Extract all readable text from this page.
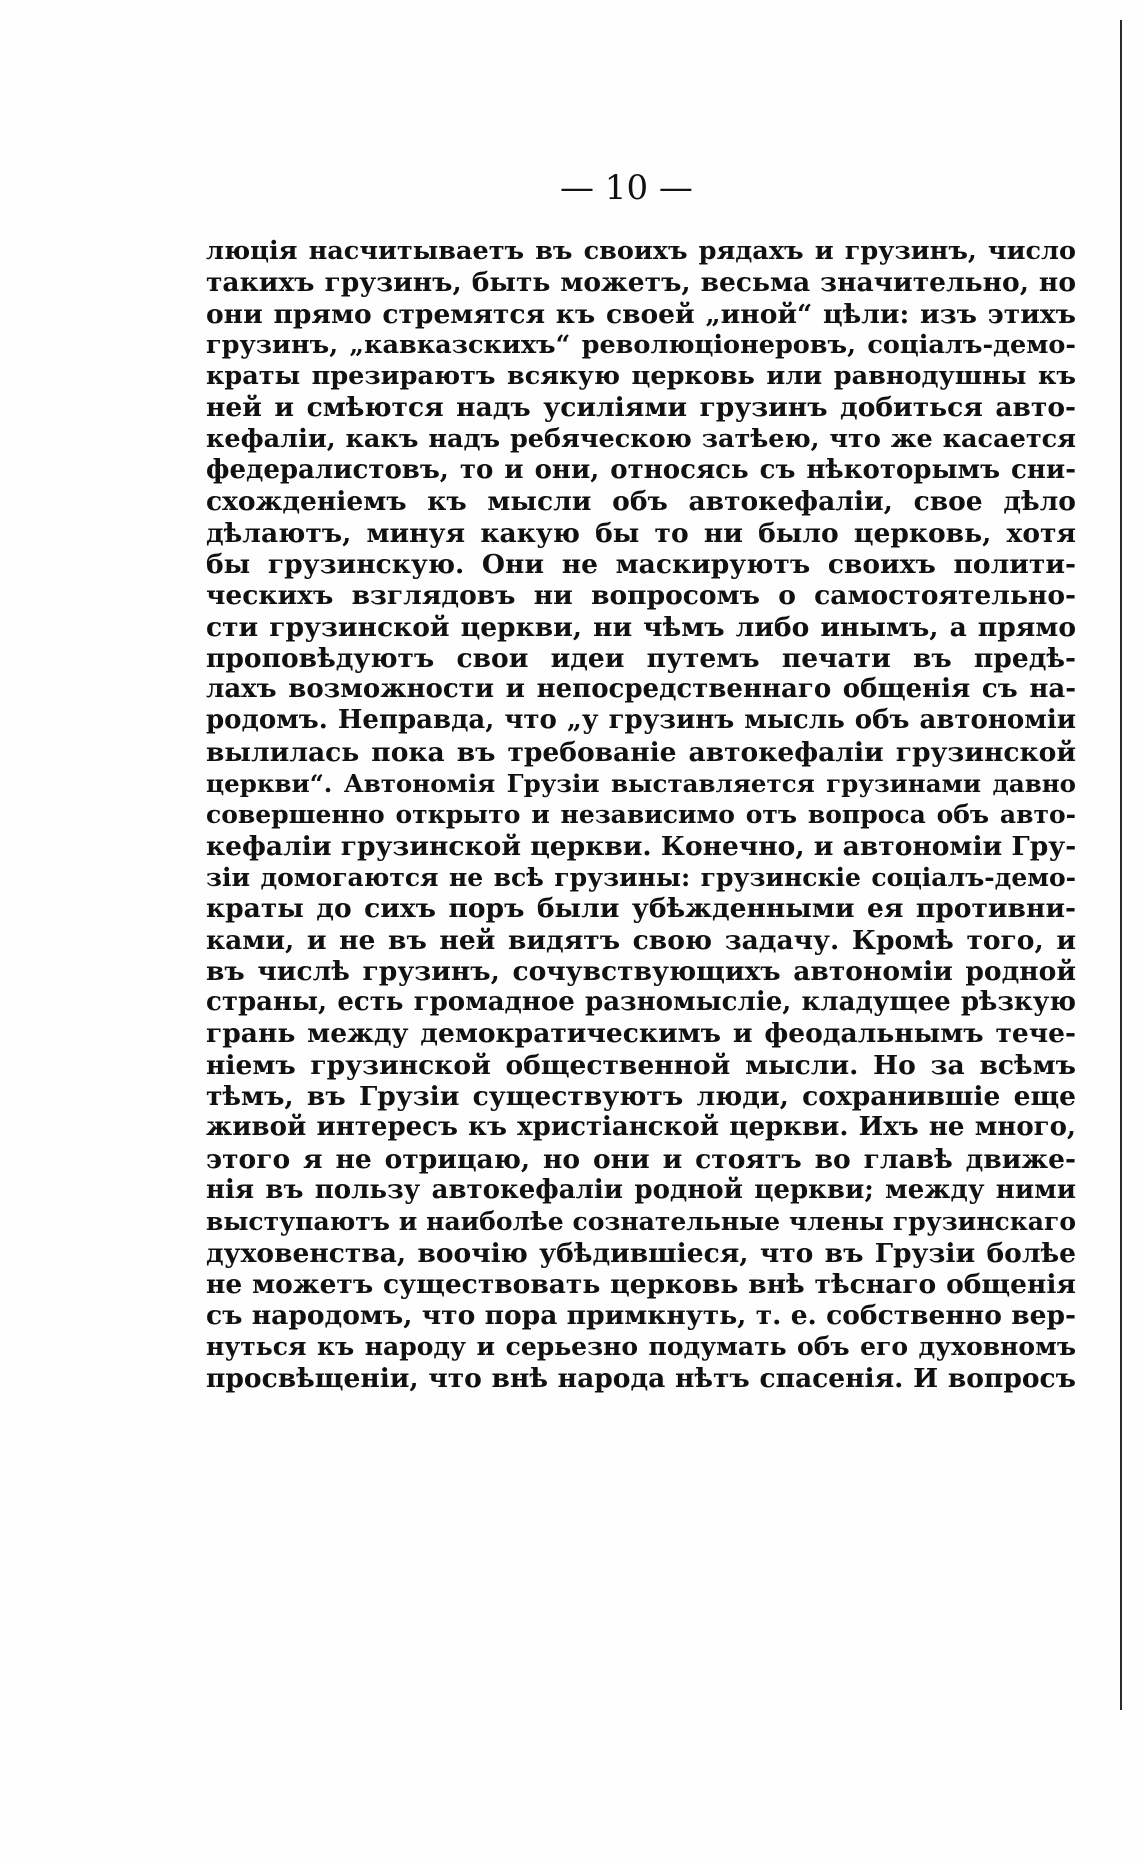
— 10 —
люція насчитываетъ въ своихъ рядахъ и грузинъ, число
такихъ грузинъ, быть можетъ, весьма значительно, но
они прямо стремятся къ своей „иной“ цѣли: изъ этихъ
грузинъ, „кавказскихъ“ революціонеровъ, соціалъ-демо-
краты презираютъ всякую церковь или равнодушны къ
ней и смѣются надъ усиліями грузинъ добиться авто-
кефаліи, какъ надъ ребяческою затѣею, что же касается
федералистовъ, то и они, относясь съ нѣкоторымъ сни-
схожденіемъ къ мысли объ автокефаліи, свое дѣло
дѣлаютъ, минуя какую бы то ни было церковь, хотя
бы грузинскую. Они не маскируютъ своихъ полити-
ческихъ взглядовъ ни вопросомъ о самостоятельно-
сти грузинской церкви, ни чѣмъ либо инымъ, а прямо
проповѣдуютъ свои идеи путемъ печати въ предѣ-
лахъ возможности и непосредственнаго общенія съ на-
родомъ. Неправда, что „у грузинъ мысль объ автономіи
вылилась пока въ требованіе автокефаліи грузинской
церкви“. Автономія Грузіи выставляется грузинами давно
совершенно открыто и независимо отъ вопроса объ авто-
кефаліи грузинской церкви. Конечно, и автономіи Гру-
зіи домогаются не всѣ грузины: грузинскіе соціалъ-демо-
краты до сихъ поръ были убѣжденными ея противни-
ками, и не въ ней видятъ свою задачу. Кромѣ того, и
въ числѣ грузинъ, сочувствующихъ автономіи родной
страны, есть громадное разномысліе, кладущее рѣзкую
грань между демократическимъ и феодальнымъ тече-
ніемъ грузинской общественной мысли. Но за всѣмъ
тѣмъ, въ Грузіи существуютъ люди, сохранившіе еще
живой интересъ къ христіанской церкви. Ихъ не много,
этого я не отрицаю, но они и стоятъ во главѣ движе-
нія въ пользу автокефаліи родной церкви; между ними
выступаютъ и наиболѣе сознательные члены грузинскаго
духовенства, воочію убѣдившіеся, что въ Грузіи болѣе
не можетъ существовать церковь внѣ тѣснаго общенія
съ народомъ, что пора примкнуть, т. е. собственно вер-
нуться къ народу и серьезно подумать объ его духовномъ
просвѣщеніи, что внѣ народа нѣтъ спасенія. И вопросъ
